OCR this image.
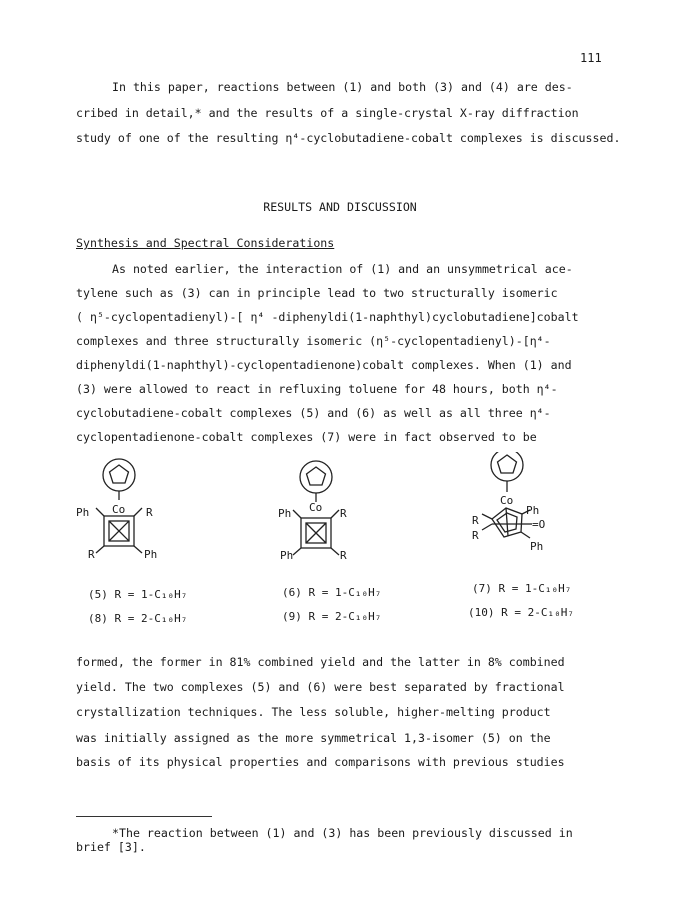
111
In this paper, reactions between (1) and both (3) and (4) are des-
cribed in detail,* and the results of a single-crystal X-ray diffraction
study of one of the resulting η⁴-cyclobutadiene-cobalt complexes is discussed.
RESULTS AND DISCUSSION
Synthesis and Spectral Considerations
As noted earlier, the interaction of (1) and an unsymmetrical ace-
tylene such as (3) can in principle lead to two structurally isomeric
( η⁵-cyclopentadienyl)-[ η⁴ -diphenyldi(1-naphthyl)cyclobutadiene]cobalt
complexes and three structurally isomeric (η⁵-cyclopentadienyl)-[η⁴-
diphenyldi(1-naphthyl)-cyclopentadienone)cobalt complexes. When (1) and
(3) were allowed to react in refluxing toluene for 48 hours, both η⁴-
cyclobutadiene-cobalt complexes (5) and (6) as well as all three η⁴-
cyclopentadienone-cobalt complexes (7) were in fact observed to be
Co
Ph	R
R	Ph
Co
Ph	R
Ph	R
Co
R
R
Ph
=O
Ph
(5) R = 1-C₁₀H₇
(8) R = 2-C₁₀H₇
(6) R = 1-C₁₀H₇
(9) R = 2-C₁₀H₇
(7) R = 1-C₁₀H₇
(10) R = 2-C₁₀H₇
formed, the former in 81% combined yield and the latter in 8% combined
yield. The two complexes (5) and (6) were best separated by fractional
crystallization techniques. The less soluble, higher-melting product
was initially assigned as the more symmetrical 1,3-isomer (5) on the
basis of its physical properties and comparisons with previous studies
*The reaction between (1) and (3) has been previously discussed in
brief [3].
